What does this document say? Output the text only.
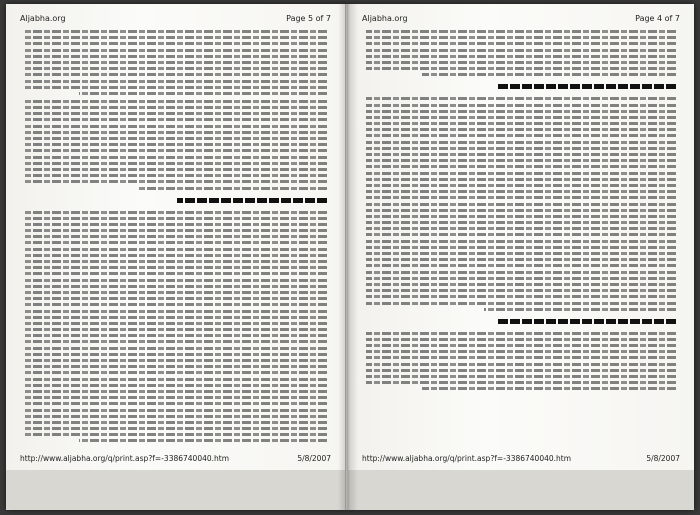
Aljabha.org	Page 5 of 7
http://www.aljabha.org/q/print.asp?f=-3386740040.htm	5/8/2007
Aljabha.org	Page 4 of 7
http://www.aljabha.org/q/print.asp?f=-3386740040.htm	5/8/2007
